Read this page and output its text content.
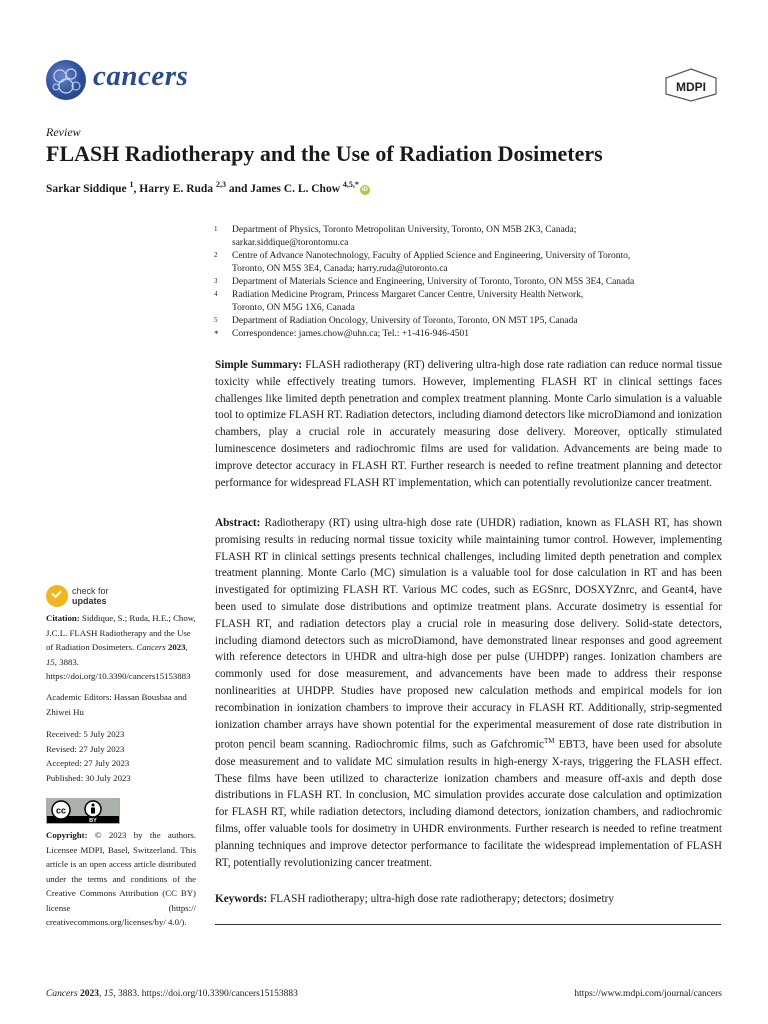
cancers	MDPI
Review
FLASH Radiotherapy and the Use of Radiation Dosimeters
Sarkar Siddique $^1$, Harry E. Ruda $^{2,3}$ and James C. L. Chow $^{4,5,*}$iD
1 Department of Physics, Toronto Metropolitan University, Toronto, ON M5B 2K3, Canada;
sarkar.siddique@torontomu.ca
2 Centre of Advance Nanotechnology, Faculty of Applied Science and Engineering, University of Toronto,
Toronto, ON M5S 3E4, Canada; harry.ruda@utoronto.ca
3 Department of Materials Science and Engineering, University of Toronto, Toronto, ON M5S 3E4, Canada
4 Radiation Medicine Program, Princess Margaret Cancer Centre, University Health Network,
Toronto, ON M5G 1X6, Canada
5 Department of Radiation Oncology, University of Toronto, Toronto, ON M5T 1P5, Canada
* Correspondence: james.chow@uhn.ca; Tel.: +1-416-946-4501
Simple Summary: FLASH radiotherapy (RT) delivering ultra-high dose rate radiation can reduce normal tissue toxicity while effectively treating tumors. However, implementing FLASH RT in clinical settings faces challenges like limited depth penetration and complex treatment planning. Monte Carlo simulation is a valuable tool to optimize FLASH RT. Radiation detectors, including diamond detectors like microDiamond and ionization chambers, play a crucial role in accurately measuring dose delivery. Moreover, optically stimulated luminescence dosimeters and radiochromic films are used for validation. Advancements are being made to improve detector accuracy in FLASH RT. Further research is needed to refine treatment planning and detector performance for widespread FLASH RT implementation, which can potentially revolutionize cancer treatment.
Abstract: Radiotherapy (RT) using ultra-high dose rate (UHDR) radiation, known as FLASH RT, has shown promising results in reducing normal tissue toxicity while maintaining tumor control. However, implementing FLASH RT in clinical settings presents technical challenges, including limited depth penetration and complex treatment planning. Monte Carlo (MC) simulation is a valuable tool for dose calculation in RT and has been investigated for optimizing FLASH RT. Various MC codes, such as EGSnrc, DOSXYZnrc, and Geant4, have been used to simulate dose distributions and optimize treatment plans. Accurate dosimetry is essential for FLASH RT, and radiation detectors play a crucial role in measuring dose delivery. Solid-state detectors, including diamond detectors such as microDiamond, have demonstrated linear responses and good agreement with reference detectors in UHDR and ultra-high dose per pulse (UHDPP) ranges. Ionization chambers are commonly used for dose measurement, and advancements have been made to address their response nonlinearities at UHDPP. Studies have proposed new calculation methods and empirical models for ion recombination in ionization chambers to improve their accuracy in FLASH RT. Additionally, strip-segmented ionization chamber arrays have shown potential for the experimental measurement of dose rate distribution in proton pencil beam scanning. Radiochromic films, such as Gafchromic™ EBT3, have been used for absolute dose measurement and to validate MC simulation results in high-energy X-rays, triggering the FLASH effect. These films have been utilized to characterize ionization chambers and measure off-axis and depth dose distributions in FLASH RT. In conclusion, MC simulation provides accurate dose calculation and optimization for FLASH RT, while radiation detectors, including diamond detectors, ionization chambers, and radiochromic films, offer valuable tools for dosimetry in UHDR environments. Further research is needed to refine treatment planning techniques and improve detector performance to facilitate the widespread implementation of FLASH RT, potentially revolutionizing cancer treatment.
Keywords: FLASH radiotherapy; ultra-high dose rate radiotherapy; detectors; dosimetry
check for
updates
Citation: Siddique, S.; Ruda, H.E.; Chow, J.C.L. FLASH Radiotherapy and the Use of Radiation Dosimeters. Cancers 2023, 15, 3883. https://doi.org/10.3390/cancers15153883
Academic Editors: Hassan Bousbaa and Zhiwei Hu
Received: 5 July 2023
Revised: 27 July 2023
Accepted: 27 July 2023
Published: 30 July 2023
cc
BY
Copyright: © 2023 by the authors. Licensee MDPI, Basel, Switzerland. This article is an open access article distributed under the terms and conditions of the Creative Commons Attribution (CC BY) license (https:// creativecommons.org/licenses/by/ 4.0/).
Cancers 2023, 15, 3883. https://doi.org/10.3390/cancers15153883	https://www.mdpi.com/journal/cancers
